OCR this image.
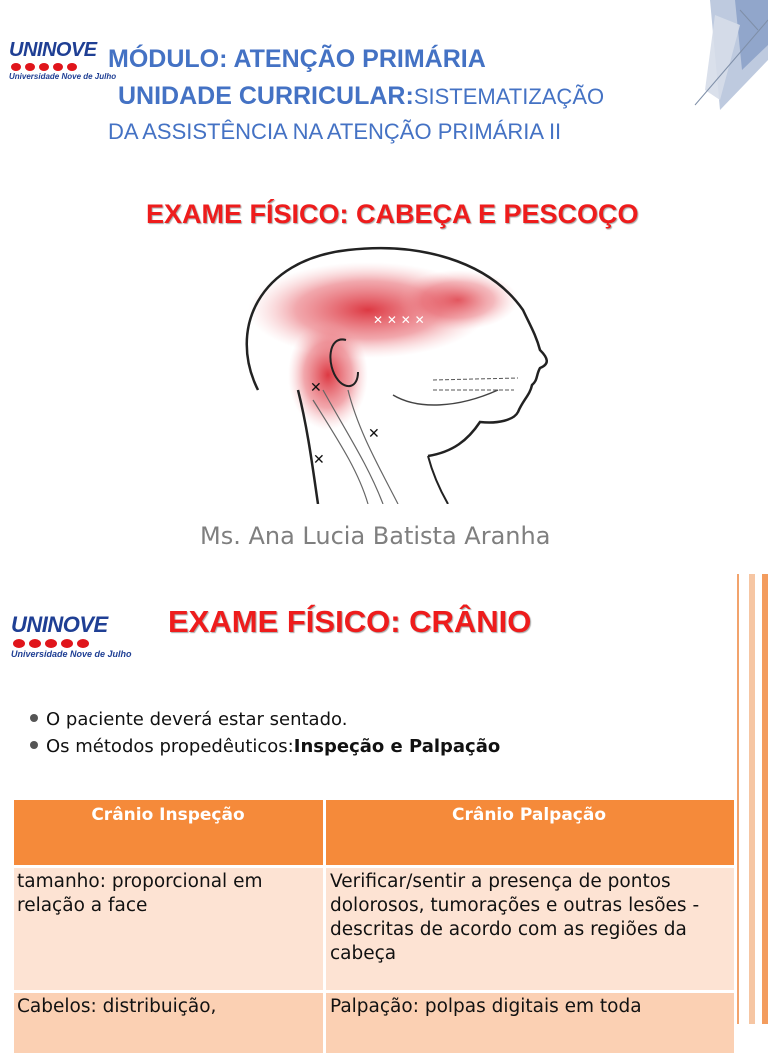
UNINOVE
Universidade Nove de Julho
MÓDULO: ATENÇÃO PRIMÁRIA
UNIDADE CURRICULAR:SISTEMATIZAÇÃO
DA ASSISTÊNCIA NA ATENÇÃO PRIMÁRIA II
EXAME FÍSICO: CABEÇA E PESCOÇO
✕
✕
✕
✕ ✕ ✕ ✕
Ms. Ana Lucia Batista Aranha
UNINOVE
Universidade Nove de Julho
EXAME FÍSICO: CRÂNIO
O paciente deverá estar sentado.
Os métodos propedêuticos: Inspeção e Palpação
Crânio Inspeção	Crânio Palpação
tamanho: proporcional em relação a face
Verificar/sentir a presença de pontos dolorosos, tumorações e outras lesões - descritas de acordo com as regiões da cabeça
Cabelos: distribuição,	Palpação: polpas digitais em toda
